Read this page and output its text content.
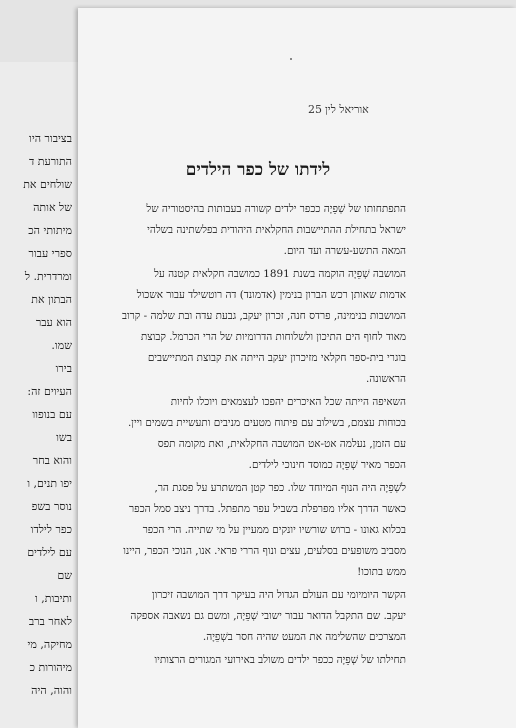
בציבור היו
התורעת ד
שולחים את
של אותה
מיתותי הכ
ספרי עבור
ומרדרית. ל
הבתון את
הוא עבר
שמו.
בירו
העיוים זה:
עם בנופוו
בשו
והוא בחר
יפו תנים, ו
נוסר בשפ
כפר לילדו
עם לילדים
שם
ותיבות, ו
לאחר ברב
מחיקה, מי
מיהורות כ
והוה, היה
25 אוריאל לין
לידתו של כפר הילדים
התפתחותו של שְׁפֵיָה ככפר ילדים קשורה בעבותות בהיסטוריה של
ישראל בתחילת ההתיישבות החקלאית היהודית בפלשתינה בשלהי
המאה התשע-עשרה ועד היום.
המושבה שְׁפֵיָה הוקמה בשנת 1891 כמושבה חקלאית קטנה על
אדמות שאותן רכש הברון בנימין (אדמונד) דה רוטשילד עבור אשכול
המושבות בנימינה, פרדס חנה, זכרון יעקב, גבעת עדה ובת שלמה - קרוב
מאוד לחוף הים התיכון ולשלוחות הדרומיות של הרי הכרמל. קבוצת
בוגרי בית-ספר חקלאי מזיכרון יעקב הייתה את קבוצת המתיישבים
הראשונה.
השאיפה הייתה שכל האיכרים יהפכו לעצמאים ויוכלו לחיות
בכוחות עצמם, בשילוב עם פיתוח מטעים מניבים ותעשיית בשמים ויין.
עם הזמן, נעלמה אט-אט המושבה החקלאית, ואת מקומה תפס
הכפר מאיר שְׁפֵיָה כמוסד חינוכי לילדים.
לשְׁפֵיָה היה הנוף המיוחד שלו. כפר קטן המשתרע על פסגת הר,
כאשר הדרך אליו מפרפלת בשביל עפר מתפתל. בדרך ניצב סמל הכפר
בכלוא גאונו - ברוש שורשיו יונקים ממעיין על מי שתייה. הרי הכפר
מסביב משופעים בסלעים, עצים ונוף הררי פראי. אנו, הנוכי הכפר, היינו
ממש בתוכו!
הקשר היומיומי עם העולם הגדול היה בעיקר דרך המושבה זיכרון
יעקב. שם התקבל הדואר עבור ישובי שְׁפֵיָה, ומשם גם נשאבה אספקה
המצרכים שהשלימה את המעט שהיה חסר בשְׁפֵיָה.
תחילתו של שְׁפֵיָה ככפר ילדים משולב באירועי המגורים הרצותיו
